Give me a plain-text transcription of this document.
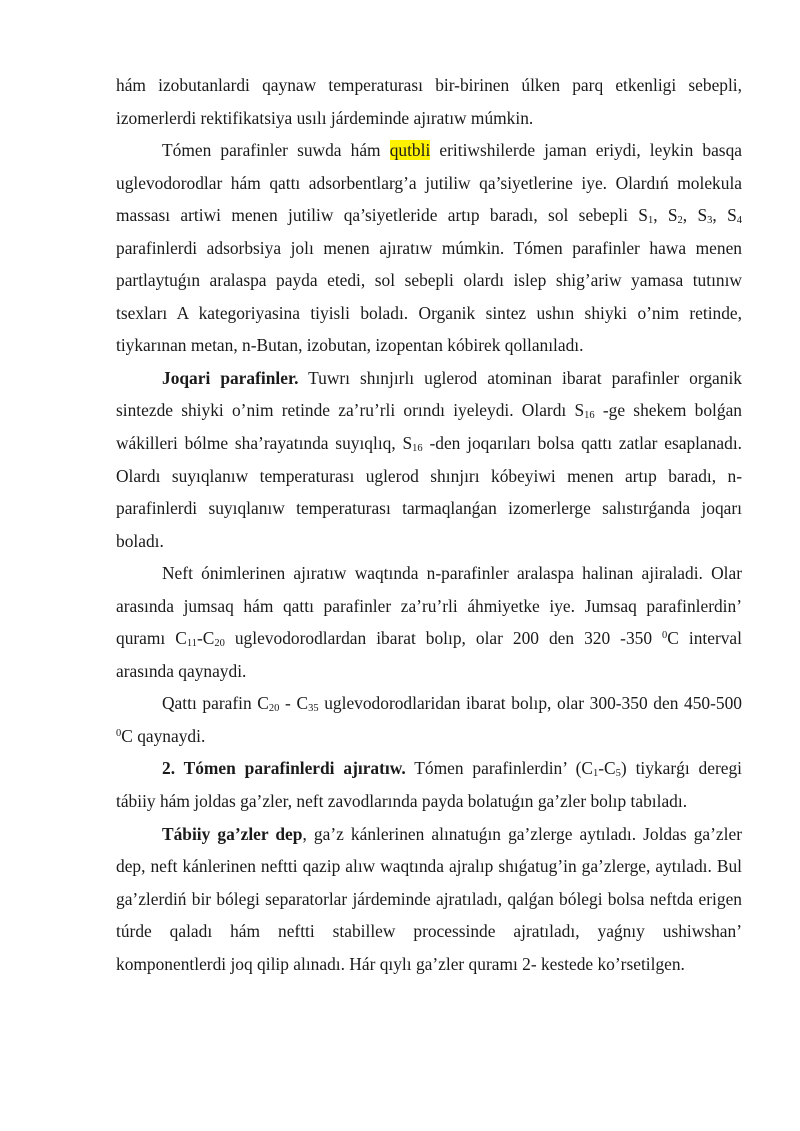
hám izobutanlardi qaynaw temperaturası bir-birinen úlken parq etkenligi sebepli, izomerlerdi rektifikatsiya usılı járdeminde ajıratıw múmkin.

Tómen parafinler suwda hám qutbli eritiwshilerde jaman eriydi, leykin basqa uglevodorodlar hám qattı adsorbentlarg’a jutiliw qa’siyetlerine iye. Olardıń molekula massası artiwi menen jutiliw qa’siyetleride artıp baradı, sol sebepli $S_1$, $S_2$, $S_3$, $S_4$ parafinlerdi adsorbsiya jolı menen ajıratıw múmkin. Tómen parafinler hawa menen partlaytuǵın aralaspa payda etedi, sol sebepli olardı islep shig’ariw yamasa tutınıw tsexları A kategoriyasina tiyisli boladı. Organik sintez ushın shiyki o’nim retinde, tiykarınan metan, n-Butan, izobutan, izopentan kóbirek qollanıladı.

Joqari parafinler. Tuwrı shınjırlı uglerod atominan ibarat parafinler organik sintezde shiyki o’nim retinde za’ru’rli orındı iyeleydi. Olardı $S_{16}$ -ge shekem bolǵan wákilleri bólme sha’rayatında suyıqlıq, $S_{16}$ -den joqarıları bolsa qattı zatlar esaplanadı. Olardı suyıqlanıw temperaturası uglerod shınjırı kóbeyiwi menen artıp baradı, n- parafinlerdi suyıqlanıw temperaturası tarmaqlanǵan izomerlerge salıstırǵanda joqarı boladı.

Neft ónimlerinen ajıratıw waqtında n-parafinler aralaspa halinan ajiraladi. Olar arasında jumsaq hám qattı parafinler za’ru’rli áhmiyetke iye. Jumsaq parafinlerdin’ quramı $C_{11}-C_{20}$ uglevodorodlardan ibarat bolıp, olar 200 den 320 -350 $^0$C interval arasında qaynaydi.

Qattı parafin $C_{20} - C_{35}$ uglevodorodlaridan ibarat bolıp, olar 300-350 den 450-500 $^0$C qaynaydi.

2. Tómen parafinlerdi ajıratıw. Tómen parafinlerdin’ $(C_1-C_5)$ tiykarǵı deregi tábiiy hám joldas ga’zler, neft zavodlarında payda bolatuǵın ga’zler bolıp tabıladı.

Tábiiy ga’zler dep, ga’z kánlerinen alınatuǵın ga’zlerge aytıladı. Joldas ga’zler dep, neft kánlerinen neftti qazip alıw waqtında ajralıp shıǵatug’in ga’zlerge, aytıladı. Bul ga’zlerdiń bir bólegi separatorlar járdeminde ajratıladı, qalǵan bólegi bolsa neftda erigen túrde qaladı hám neftti stabillew processinde ajratıladı, yaǵnıy ushiwshan’ komponentlerdi joq qilip alınadı. Hár qıylı ga’zler quramı 2- kestede ko’rsetilgen.
